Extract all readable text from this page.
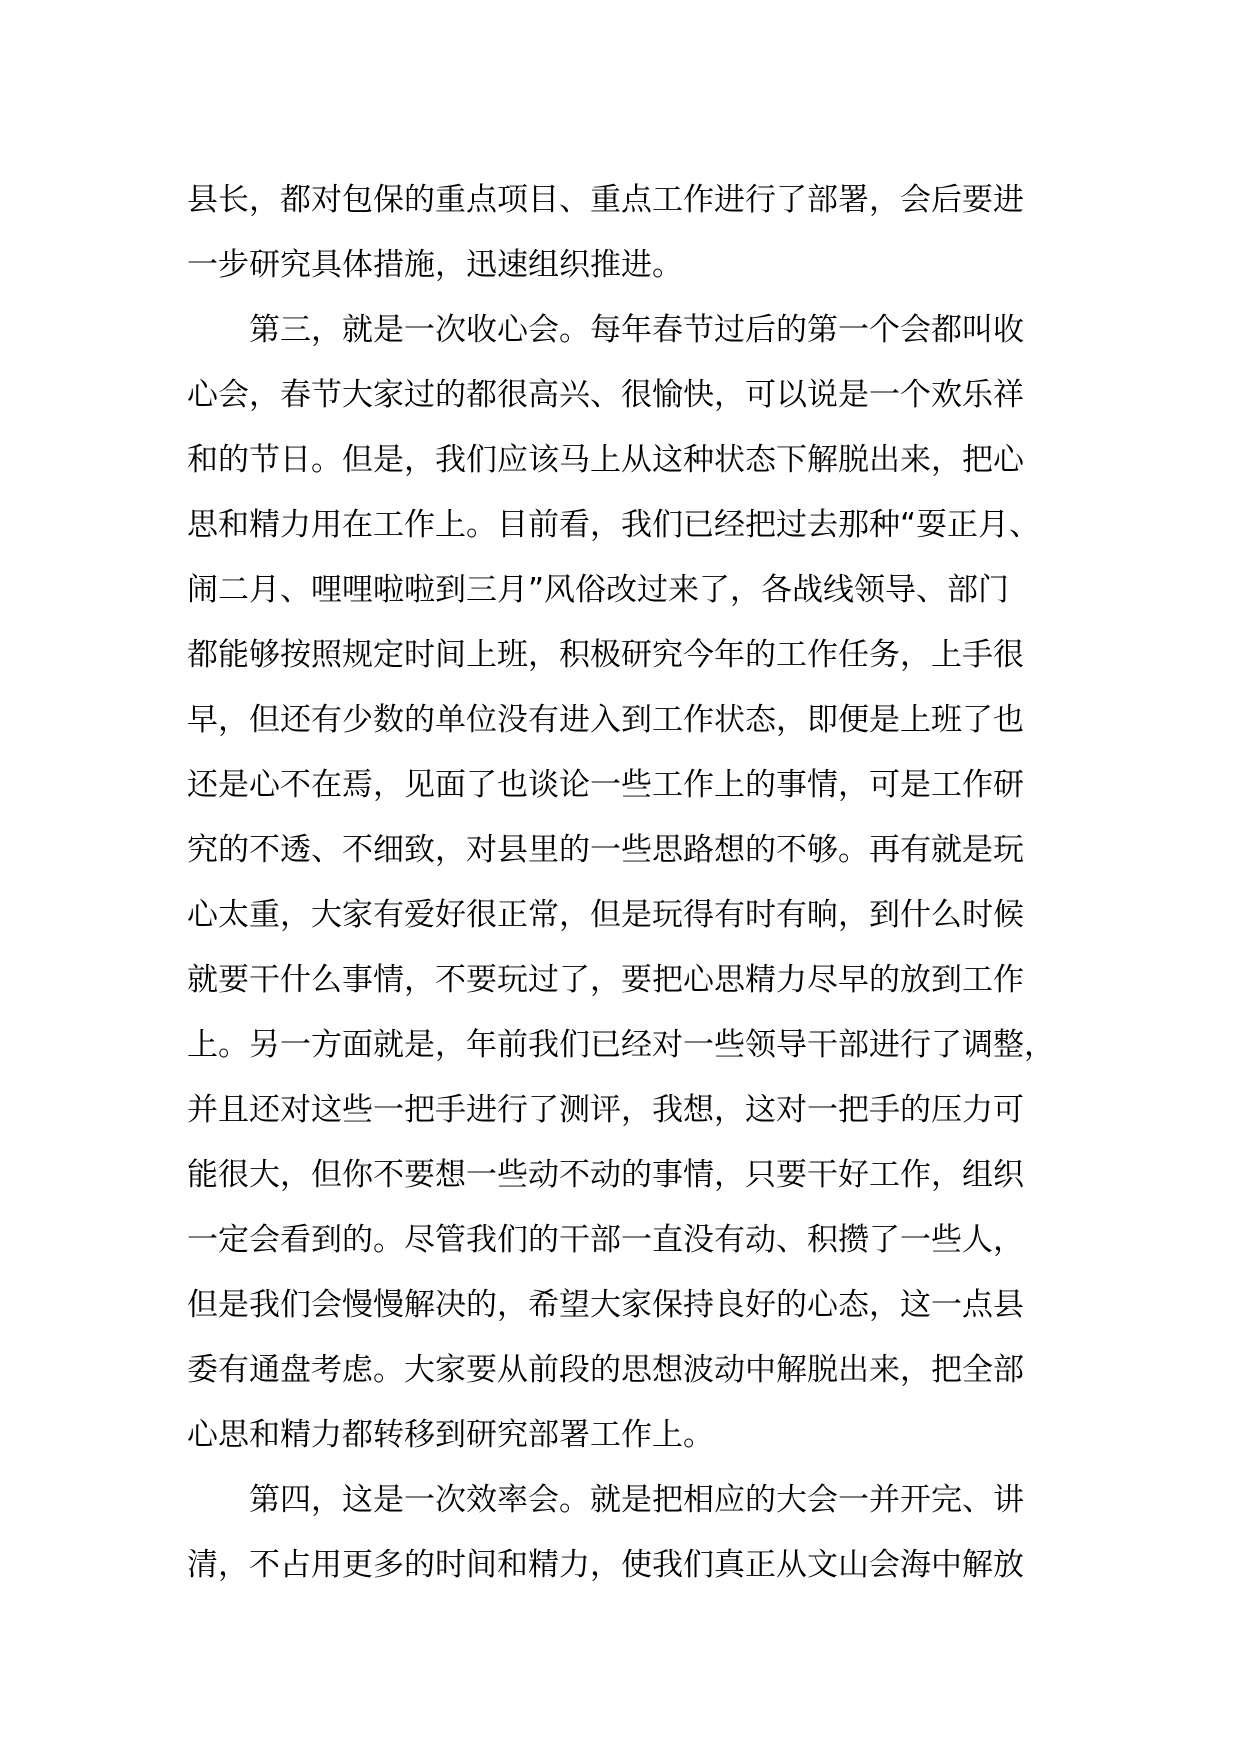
县长，都对包保的重点项目、重点工作进行了部署，会后要进
一步研究具体措施，迅速组织推进。
　　第三，就是一次收心会。每年春节过后的第一个会都叫收
心会，春节大家过的都很高兴、很愉快，可以说是一个欢乐祥
和的节日。但是，我们应该马上从这种状态下解脱出来，把心
思和精力用在工作上。目前看，我们已经把过去那种“耍正月、
闹二月、哩哩啦啦到三月”风俗改过来了，各战线领导、部门
都能够按照规定时间上班，积极研究今年的工作任务，上手很
早，但还有少数的单位没有进入到工作状态，即便是上班了也
还是心不在焉，见面了也谈论一些工作上的事情，可是工作研
究的不透、不细致，对县里的一些思路想的不够。再有就是玩
心太重，大家有爱好很正常，但是玩得有时有晌，到什么时候
就要干什么事情，不要玩过了，要把心思精力尽早的放到工作
上。另一方面就是，年前我们已经对一些领导干部进行了调整，
并且还对这些一把手进行了测评，我想，这对一把手的压力可
能很大，但你不要想一些动不动的事情，只要干好工作，组织
一定会看到的。尽管我们的干部一直没有动、积攒了一些人，
但是我们会慢慢解决的，希望大家保持良好的心态，这一点县
委有通盘考虑。大家要从前段的思想波动中解脱出来，把全部
心思和精力都转移到研究部署工作上。
　　第四，这是一次效率会。就是把相应的大会一并开完、讲
清，不占用更多的时间和精力，使我们真正从文山会海中解放
